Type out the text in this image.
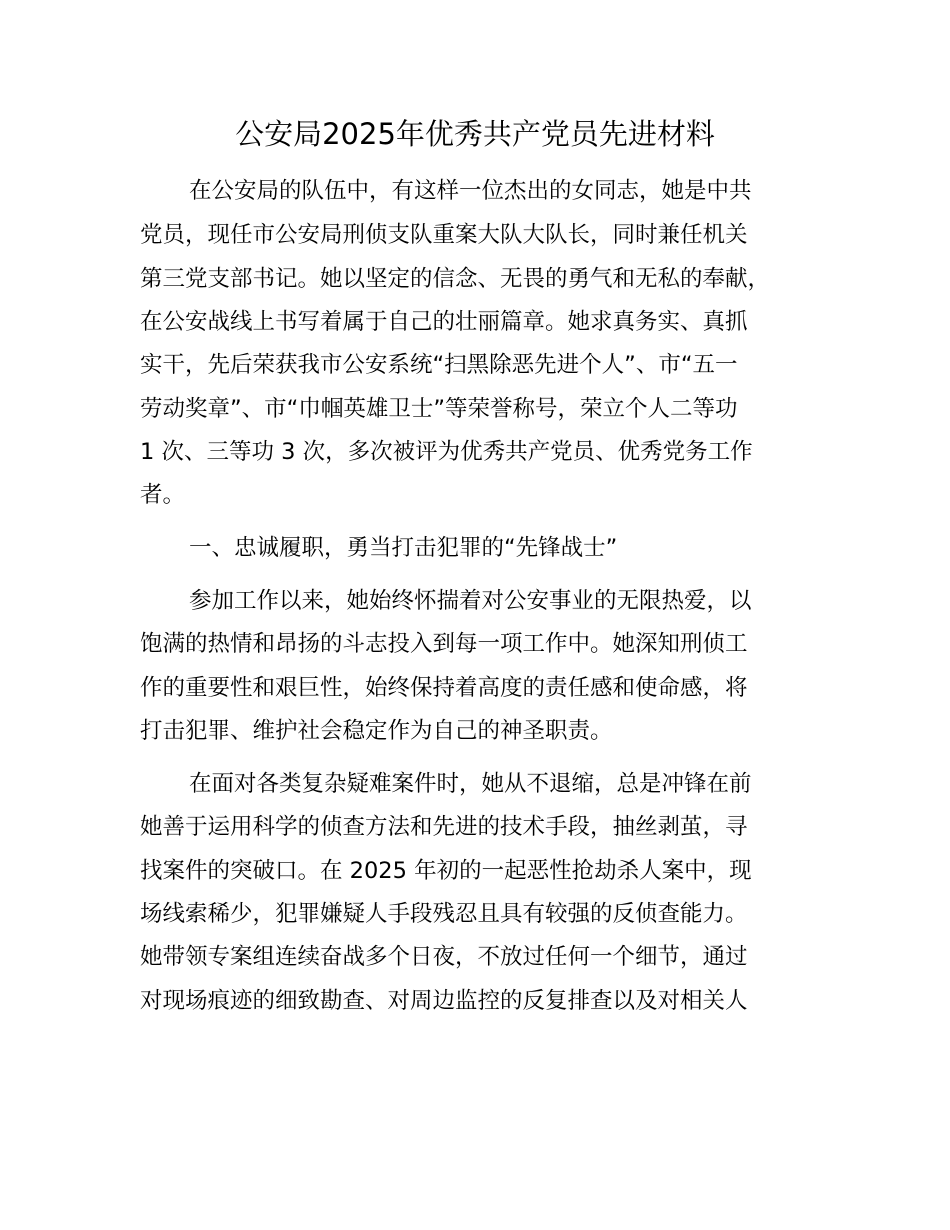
公安局2025年优秀共产党员先进材料
在公安局的队伍中，有这样一位杰出的女同志，她是中共
党员，现任市公安局刑侦支队重案大队大队长，同时兼任机关
第三党支部书记。她以坚定的信念、无畏的勇气和无私的奉献，
在公安战线上书写着属于自己的壮丽篇章。她求真务实、真抓
实干，先后荣获我市公安系统“扫黑除恶先进个人”、市“五一
劳动奖章”、市“巾帼英雄卫士”等荣誉称号，荣立个人二等功
1 次、三等功 3 次，多次被评为优秀共产党员、优秀党务工作
者。
一、忠诚履职，勇当打击犯罪的“先锋战士”
参加工作以来，她始终怀揣着对公安事业的无限热爱，以
饱满的热情和昂扬的斗志投入到每一项工作中。她深知刑侦工
作的重要性和艰巨性，始终保持着高度的责任感和使命感，将
打击犯罪、维护社会稳定作为自己的神圣职责。
在面对各类复杂疑难案件时，她从不退缩，总是冲锋在前
她善于运用科学的侦查方法和先进的技术手段，抽丝剥茧，寻
找案件的突破口。在 2025 年初的一起恶性抢劫杀人案中，现
场线索稀少，犯罪嫌疑人手段残忍且具有较强的反侦查能力。
她带领专案组连续奋战多个日夜，不放过任何一个细节，通过
对现场痕迹的细致勘查、对周边监控的反复排查以及对相关人
